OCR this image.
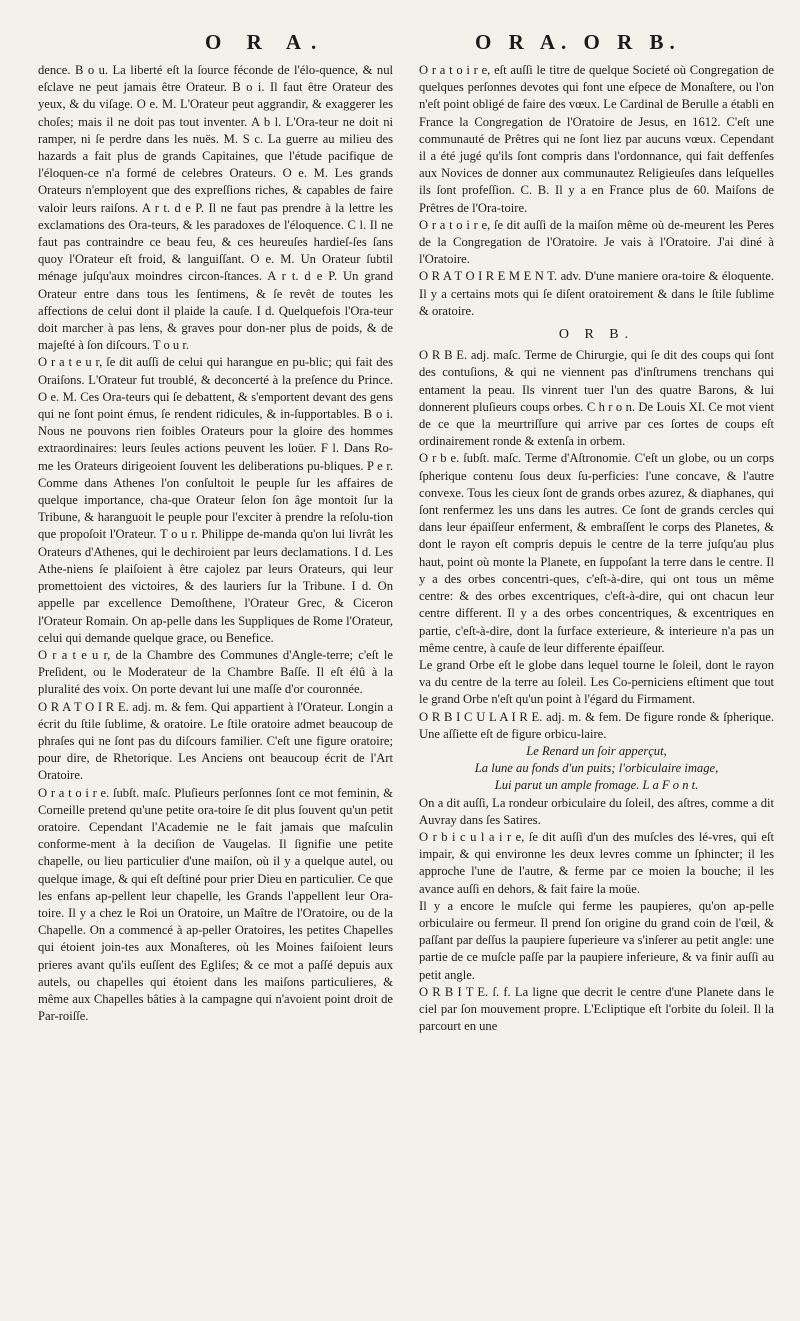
O R A.	O R A. O R B.

dence. B o u. La liberté eſt la ſource féconde de l'élo-quence, & nul eſclave ne peut jamais être Orateur. B o i. Il faut être Orateur des yeux, & du viſage. O e. M. L'Orateur peut aggrandir, & exaggerer les choſes; mais il ne doit pas tout inventer. A b l. L'Ora-teur ne doit ni ramper, ni ſe perdre dans les nuës. M. S c. La guerre au milieu des hazards a fait plus de grands Capitaines, que l'étude pacifique de l'éloquen-ce n'a formé de celebres Orateurs. O e. M. Les grands Orateurs n'employent que des expreſſions riches, & capables de faire valoir leurs raiſons. A r t. d e P. Il ne faut pas prendre à la lettre les exclamations des Ora-teurs, & les paradoxes de l'éloquence. C l. Il ne faut pas contraindre ce beau feu, & ces heureuſes hardieſ-ſes ſans quoy l'Orateur eſt froid, & languiſſant. O e. M. Un Orateur ſubtil ménage juſqu'aux moindres circon-ſtances. A r t. d e P. Un grand Orateur entre dans tous les ſentimens, & ſe revêt de toutes les affections de celui dont il plaide la cauſe. I d. Quelquefois l'Ora-teur doit marcher à pas lens, & graves pour don-ner plus de poids, & de majeſté à ſon diſcours. T o u r.

O r a t e u r, ſe dit auſſi de celui qui harangue en pu-blic; qui fait des Oraiſons. L'Orateur fut troublé, & deconcerté à la preſence du Prince. O e. M. Ces Ora-teurs qui ſe debattent, & s'emportent devant des gens qui ne ſont point émus, ſe rendent ridicules, & in-ſupportables. B o i. Nous ne pouvons rien foibles Orateurs pour la gloire des hommes extraordinaires: leurs ſeules actions peuvent les loüer. F l. Dans Ro-me les Orateurs dirigeoient ſouvent les deliberations pu-bliques. P e r. Comme dans Athenes l'on conſultoit le peuple ſur les affaires de quelque importance, cha-que Orateur ſelon ſon âge montoit ſur la Tribune, & haranguoit le peuple pour l'exciter à prendre la reſolu-tion que propoſoit l'Orateur. T o u r. Philippe de-manda qu'on lui livrât les Orateurs d'Athenes, qui le dechiroient par leurs declamations. I d. Les Athe-niens ſe plaiſoient à être cajolez par leurs Orateurs, qui leur promettoient des victoires, & des lauriers ſur la Tribune. I d. On appelle par excellence Demoſthene, l'Orateur Grec, & Ciceron l'Orateur Romain. On ap-pelle dans les Suppliques de Rome l'Orateur, celui qui demande quelque grace, ou Benefice.

O r a t e u r, de la Chambre des Communes d'Angle-terre; c'eſt le Preſident, ou le Moderateur de la Chambre Baſſe. Il eſt élû à la pluralité des voix. On porte devant lui une maſſe d'or couronnée.

O R A T O I R E. adj. m. & fem. Qui appartient à l'Orateur. Longin a écrit du ſtile ſublime, & oratoire. Le ſtile oratoire admet beaucoup de phraſes qui ne ſont pas du diſcours familier. C'eſt une figure oratoire; pour dire, de Rhetorique. Les Anciens ont beaucoup écrit de l'Art Oratoire.

O r a t o i r e. ſubſt. maſc. Pluſieurs perſonnes ſont ce mot feminin, & Corneille pretend qu'une petite ora-toire ſe dit plus ſouvent qu'un petit oratoire. Cependant l'Academie ne le fait jamais que maſculin conforme-ment à la deciſion de Vaugelas. Il ſignifie une petite chapelle, ou lieu particulier d'une maiſon, où il y a quelque autel, ou quelque image, & qui eſt deſtiné pour prier Dieu en particulier. Ce que les enfans ap-pellent leur chapelle, les Grands l'appellent leur Ora-toire. Il y a chez le Roi un Oratoire, un Maître de l'Oratoire, ou de la Chapelle. On a commencé à ap-peller Oratoires, les petites Chapelles qui étoient join-tes aux Monaſteres, où les Moines faiſoient leurs prieres avant qu'ils euſſent des Egliſes; & ce mot a paſſé depuis aux autels, ou chapelles qui étoient dans les maiſons particulieres, & même aux Chapelles bâties à la campagne qui n'avoient point droit de Par-roiſſe.

O r a t o i r e, eſt auſſi le titre de quelque Societé où Congregation de quelques perſonnes devotes qui font une eſpece de Monaſtere, ou l'on n'eſt point obligé de faire des vœux. Le Cardinal de Berulle a établi en France la Congregation de l'Oratoire de Jesus, en 1612. C'eſt une communauté de Prêtres qui ne ſont liez par aucuns vœux. Cependant il a été jugé qu'ils ſont compris dans l'ordonnance, qui fait deffenſes aux Novices de donner aux communautez Religieuſes dans leſquelles ils ſont profeſſion. C. B. Il y a en France plus de 60. Maiſons de Prêtres de l'Ora-toire.

O r a t o i r e, ſe dit auſſi de la maiſon même où de-meurent les Peres de la Congregation de l'Oratoire. Je vais à l'Oratoire. J'ai diné à l'Oratoire.

O R A T O I R E M E N T. adv. D'une maniere ora-toire & éloquente. Il y a certains mots qui ſe diſent oratoirement & dans le ſtile ſublime & oratoire.

O R B.

O R B E. adj. maſc. Terme de Chirurgie, qui ſe dit des coups qui ſont des contuſions, & qui ne viennent pas d'inſtrumens trenchans qui entament la peau. Ils vinrent tuer l'un des quatre Barons, & lui donnerent pluſieurs coups orbes. C h r o n. De Louis XI. Ce mot vient de ce que la meurtriſſure qui arrive par ces ſortes de coups eſt ordinairement ronde & extenſa in orbem.

O r b e. ſubſt. maſc. Terme d'Aſtronomie. C'eſt un globe, ou un corps ſpherique contenu ſous deux ſu-perficies: l'une concave, & l'autre convexe. Tous les cieux ſont de grands orbes azurez, & diaphanes, qui ſont renfermez les uns dans les autres. Ce ſont de grands cercles qui dans leur épaiſſeur enferment, & embraſſent le corps des Planetes, & dont le rayon eſt compris depuis le centre de la terre juſqu'au plus haut, point où monte la Planete, en ſuppoſant la terre dans le centre. Il y a des orbes concentri-ques, c'eſt-à-dire, qui ont tous un même centre: & des orbes excentriques, c'eſt-à-dire, qui ont chacun leur centre different. Il y a des orbes concentriques, & excentriques en partie, c'eſt-à-dire, dont la ſurface exterieure, & interieure n'a pas un même centre, à cauſe de leur differente épaiſſeur.

Le grand Orbe eſt le globe dans lequel tourne le ſoleil, dont le rayon va du centre de la terre au ſoleil. Les Co-perniciens eſtiment que tout le grand Orbe n'eſt qu'un point à l'égard du Firmament.

O R B I C U L A I R E. adj. m. & fem. De figure ronde & ſpherique. Une aſſiette eſt de figure orbicu-laire.

Le Renard un ſoir apperçut,

La lune au fonds d'un puits; l'orbiculaire image,

Lui parut un ample fromage. L a F o n t.

On a dit auſſi, La rondeur orbiculaire du ſoleil, des aſtres, comme a dit Auvray dans ſes Satires.

O r b i c u l a i r e, ſe dit auſſi d'un des muſcles des lé-vres, qui eſt impair, & qui environne les deux levres comme un ſphincter; il les approche l'une de l'autre, & ferme par ce moien la bouche; il les avance auſſi en dehors, & fait faire la moüe.

Il y a encore le muſcle qui ferme les paupieres, qu'on ap-pelle orbiculaire ou fermeur. Il prend ſon origine du grand coin de l'œil, & paſſant par deſſus la paupiere ſuperieure va s'inſerer au petit angle: une partie de ce muſcle paſſe par la paupiere inferieure, & va finir auſſi au petit angle.

O R B I T E. ſ. f. La ligne que decrit le centre d'une Planete dans le ciel par ſon mouvement propre. L'Ecliptique eſt l'orbite du ſoleil. Il la parcourt en une
